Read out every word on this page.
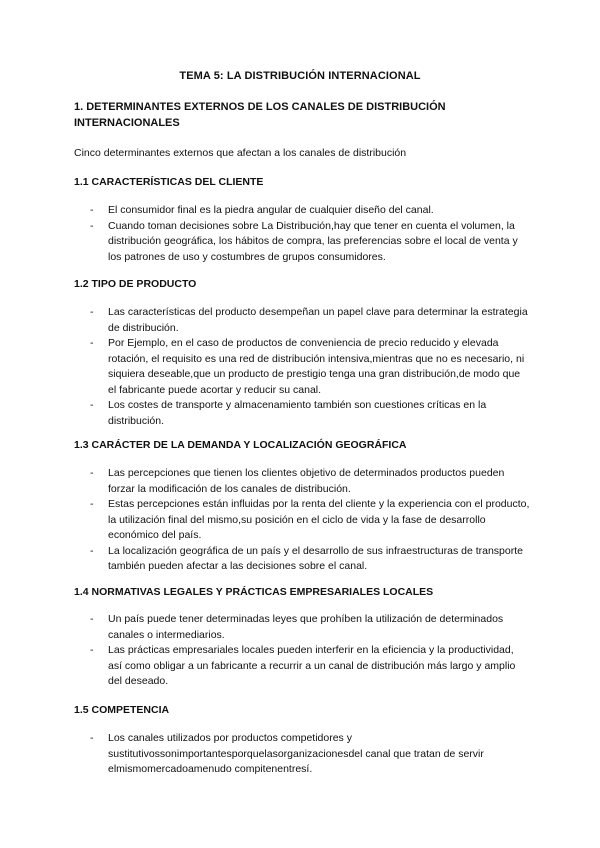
TEMA 5: LA DISTRIBUCIÓN INTERNACIONAL
1. DETERMINANTES EXTERNOS DE LOS CANALES DE DISTRIBUCIÓN INTERNACIONALES
Cinco determinantes externos que afectan a los canales de distribución
1.1 CARACTERÍSTICAS DEL CLIENTE
- El consumidor final es la piedra angular de cualquier diseño del canal.
- Cuando toman decisiones sobre La Distribución,hay que tener en cuenta el volumen, la distribución geográfica, los hábitos de compra, las preferencias sobre el local de venta y los patrones de uso y costumbres de grupos consumidores.
1.2 TIPO DE PRODUCTO
- Las características del producto desempeñan un papel clave para determinar la estrategia de distribución.
- Por Ejemplo, en el caso de productos de conveniencia de precio reducido y elevada rotación, el requisito es una red de distribución intensiva,mientras que no es necesario, ni siquiera deseable,que un producto de prestigio tenga una gran distribución,de modo que el fabricante puede acortar y reducir su canal.
- Los costes de transporte y almacenamiento también son cuestiones críticas en la distribución.
1.3 CARÁCTER DE LA DEMANDA Y LOCALIZACIÓN GEOGRÁFICA
- Las percepciones que tienen los clientes objetivo de determinados productos pueden forzar la modificación de los canales de distribución.
- Estas percepciones están influidas por la renta del cliente y la experiencia con el producto, la utilización final del mismo,su posición en el ciclo de vida y la fase de desarrollo económico del país.
- La localización geográfica de un país y el desarrollo de sus infraestructuras de transporte también pueden afectar a las decisiones sobre el canal.
1.4 NORMATIVAS LEGALES Y PRÁCTICAS EMPRESARIALES LOCALES
- Un país puede tener determinadas leyes que prohíben la utilización de determinados canales o intermediarios.
- Las prácticas empresariales locales pueden interferir en la eficiencia y la productividad, así como obligar a un fabricante a recurrir a un canal de distribución más largo y amplio del deseado.
1.5 COMPETENCIA
- Los canales utilizados por productos competidores y sustitutivossonimportantesporquelasorganizacionesdel canal que tratan de servir elmismomercadoamenudo compitenentresí.
